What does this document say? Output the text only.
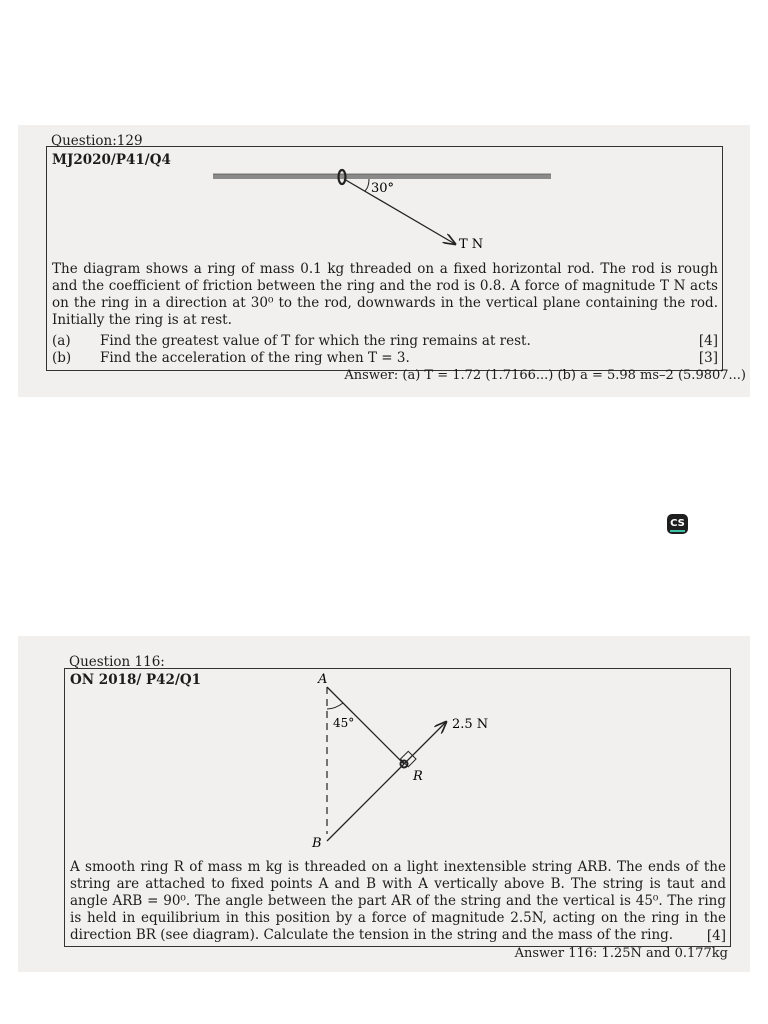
Question:129
MJ2020/P41/Q4
30°
T N

The diagram shows a ring of mass 0.1 kg threaded on a fixed horizontal rod. The rod is rough and the coefficient of friction between the ring and the rod is 0.8. A force of magnitude T N acts on the ring in a direction at 30⁰ to the rod, downwards in the vertical plane containing the rod. Initially the ring is at rest.

(a) Find the greatest value of T for which the ring remains at rest.	[4]
(b) Find the acceleration of the ring when T = 3.	[3]
Answer: (a) T = 1.72 (1.7166...) (b) a = 5.98 ms–2 (5.9807...)
CS
Question 116:
ON 2018/ P42/Q1	A
B
R
45°	2.5 N

A smooth ring R of mass m kg is threaded on a light inextensible string ARB. The ends of the string are attached to fixed points A and B with A vertically above B. The string is taut and angle ARB = 90⁰. The angle between the part AR of the string and the vertical is 45⁰. The ring is held in equilibrium in this position by a force of magnitude 2.5N, acting on the ring in the direction BR (see diagram). Calculate the tension in the string and the mass of the ring.	[4]
Answer 116: 1.25N and 0.177kg
